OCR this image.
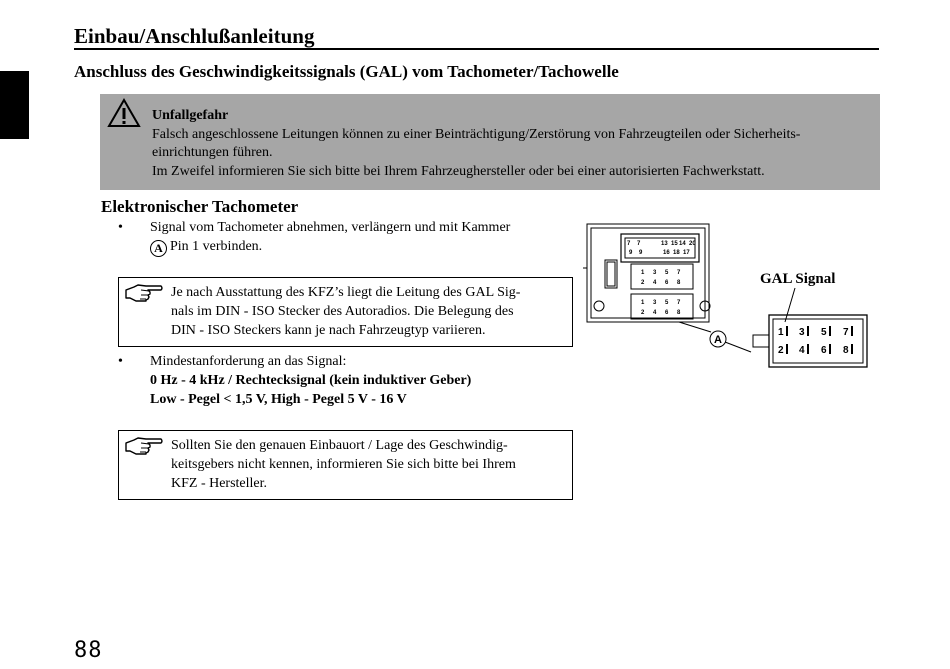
Einbau/Anschlußanleitung
Anschluss des Geschwindigkeitssignals (GAL) vom Tachometer/Tachowelle
Unfallgefahr
Falsch angeschlossene Leitungen können zu einer Beinträchtigung/Zerstörung von Fahrzeugteilen oder Sicherheits-
einrichtungen führen.
Im Zweifel informieren Sie sich bitte bei Ihrem Fahrzeughersteller oder bei einer autorisierten Fachwerkstatt.
Elektronischer Tachometer
• Signal vom Tachometer abnehmen, verlängern und mit Kammer
A Pin 1 verbinden.
Je nach Ausstattung des KFZ’s liegt die Leitung des GAL Sig-
nals im DIN - ISO Stecker des Autoradios. Die Belegung des
DIN - ISO Steckers kann je nach Fahrzeugtyp variieren.
• Mindestanforderung an das Signal:
0 Hz - 4 kHz / Rechtecksignal (kein induktiver Geber)
Low - Pegel < 1,5 V, High - Pegel 5 V - 16 V
Sollten Sie den genauen Einbauort / Lage des Geschwindig-
keitsgebers nicht kennen, informieren Sie sich bitte bei Ihrem
KFZ - Hersteller.
7 7
9 9
13 15
16 18
14
17
20
1 3 5 7
2 4 6 8
1 3 5 7
2 4 6 8
A
GAL Signal
1 3 5 7
2 4 6 8
88
